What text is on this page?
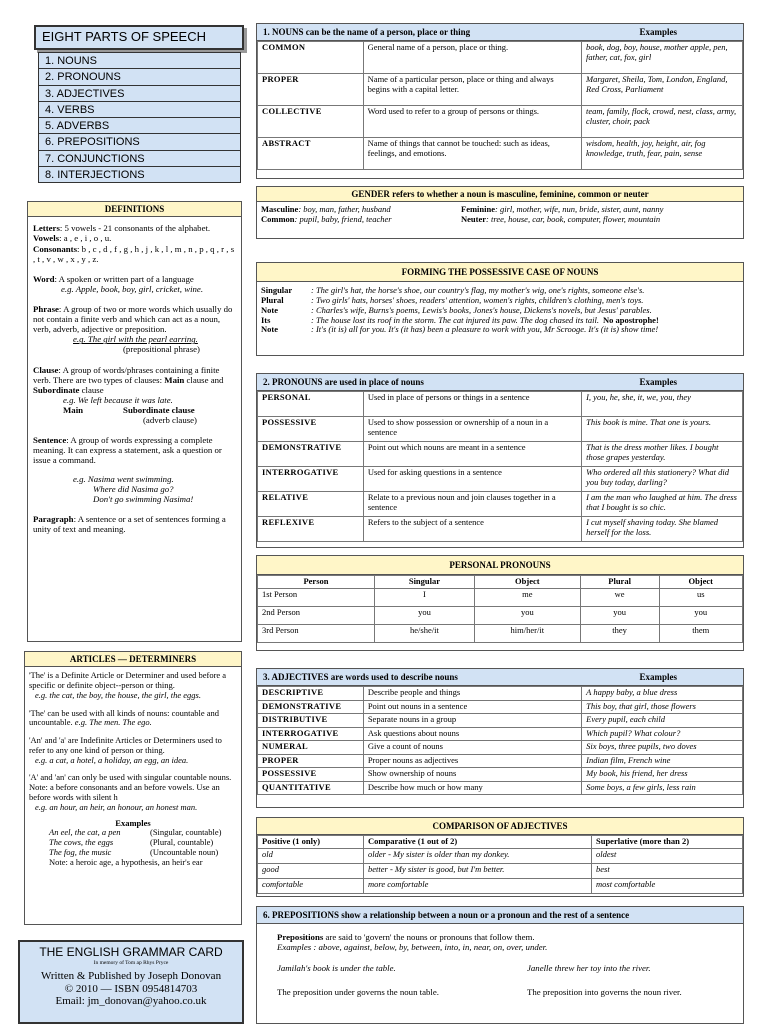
EIGHT PARTS OF SPEECH
1. NOUNS
2. PRONOUNS
3. ADJECTIVES
4. VERBS
5. ADVERBS
6. PREPOSITIONS
7. CONJUNCTIONS
8. INTERJECTIONS
DEFINITIONS
Letters: 5 vowels - 21 consonants of the alphabet.
Vowels: a , e , i , o , u.
Consonants: b , c , d , f , g , h , j , k , l , m , n , p , q , r , s , t , v , w , x , y , z.
Word: A spoken or written part of a language
e.g. Apple, book, boy, girl, cricket, wine.
Phrase: A group of two or more words which usually do not contain a finite verb and which can act as a noun, verb, adverb, adjective or preposition.
e.g. The girl with the pearl earring.
(prepositional phrase)
Clause: A group of words/phrases containing a finite verb. There are two types of clauses: Main clause and Subordinate clause
e.g. We left because it was late.
Main	Subordinate clause
(adverb clause)
Sentence: A group of words expressing a complete meaning. It can express a statement, ask a question or issue a command.
e.g. Nasima went swimming.
Where did Nasima go?
Don't go swimming Nasima!
Paragraph: A sentence or a set of sentences forming a unity of text and meaning.
ARTICLES — DETERMINERS
'The' is a Definite Article or Determiner and used before a specific or definite object--person or thing.
e.g. the cat, the boy, the house, the girl, the eggs.
'The' can be used with all kinds of nouns: countable and uncountable. e.g. The men. The ego.
'An' and 'a' are Indefinite Articles or Determiners used to refer to any one kind of person or thing.
e.g. a cat, a hotel, a holiday, an egg, an idea.
'A' and 'an' can only be used with singular countable nouns. Note: a before consonants and an before vowels. Use an before words with silent h
e.g. an hour, an heir, an honour, an honest man.
Examples
An eel, the cat, a pen	(Singular, countable)
The cows, the eggs	(Plural, countable)
The fog, the music	(Uncountable noun)
Note: a heroic age, a hypothesis, an heir's ear
THE ENGLISH GRAMMAR CARD
In memory of Tom ap Rhys Pryce
Written & Published by Joseph Donovan
© 2010 — ISBN 0954814703
Email: jm_donovan@yahoo.co.uk
1. NOUNS can be the name of a person, place or thing	Examples
COMMON	General name of a person, place or thing.	book, dog, boy, house, mother apple, pen, father, cat, fox, girl
PROPER	Name of a particular person, place or thing and always begins with a capital letter.	Margaret, Sheila, Tom, London, England, Red Cross, Parliament
COLLECTIVE	Word used to refer to a group of persons or things.	team, family, flock, crowd, nest, class, army, cluster, choir, pack
ABSTRACT	Name of things that cannot be touched: such as ideas, feelings, and emotions.	wisdom, health, joy, height, air, fog knowledge, truth, fear, pain, sense
GENDER refers to whether a noun is masculine, feminine, common or neuter
Masculine: boy, man, father, husband	Feminine: girl, mother, wife, nun, bride, sister, aunt, nanny
Common: pupil, baby, friend, teacher	Neuter: tree, house, car, book, computer, flower, mountain
FORMING THE POSSESSIVE CASE OF NOUNS
Singular	: The girl's hat, the horse's shoe, our country's flag, my mother's wig, one's rights, someone else's.
Plural	: Two girls' hats, horses' shoes, readers' attention, women's rights, children's clothing, men's toys.
Note	: Charles's wife, Burns's poems, Lewis's books, Jones's house, Dickens's novels, but Jesus' parables.
Its	: The house lost its roof in the storm. The cat injured its paw. The dog chased its tail. No apostrophe!
Note	: It's (it is) all for you. It's (it has) been a pleasure to work with you, Mr Scrooge. It's (it is) show time!
2. PRONOUNS are used in place of nouns	Examples
PERSONAL	Used in place of persons or things in a sentence	I, you, he, she, it, we, you, they
POSSESSIVE	Used to show possession or ownership of a noun in a sentence	This book is mine. That one is yours.
DEMONSTRATIVE	Point out which nouns are meant in a sentence	That is the dress mother likes. I bought those grapes yesterday.
INTERROGATIVE	Used for asking questions in a sentence	Who ordered all this stationery? What did you buy today, darling?
RELATIVE	Relate to a previous noun and join clauses together in a sentence	I am the man who laughed at him. The dress that I bought is so chic.
REFLEXIVE	Refers to the subject of a sentence	I cut myself shaving today. She blamed herself for the loss.
PERSONAL PRONOUNS
Person	Singular	Object	Plural	Object
1st Person	I	me	we	us
2nd Person	you	you	you	you
3rd Person	he/she/it	him/her/it	they	them
3. ADJECTIVES are words used to describe nouns	Examples
DESCRIPTIVE	Describe people and things	A happy baby, a blue dress
DEMONSTRATIVE	Point out nouns in a sentence	This boy, that girl, those flowers
DISTRIBUTIVE	Separate nouns in a group	Every pupil, each child
INTERROGATIVE	Ask questions about nouns	Which pupil? What colour?
NUMERAL	Give a count of nouns	Six boys, three pupils, two doves
PROPER	Proper nouns as adjectives	Indian film, French wine
POSSESSIVE	Show ownership of nouns	My book, his friend, her dress
QUANTITATIVE	Describe how much or how many	Some boys, a few girls, less rain
COMPARISON OF ADJECTIVES
Positive (1 only)	Comparative (1 out of 2)	Superlative (more than 2)
old	older - My sister is older than my donkey.	oldest
good	better - My sister is good, but I'm better.	best
comfortable	more comfortable	most comfortable
6. PREPOSITIONS show a relationship between a noun or a pronoun and the rest of a sentence
Prepositions are said to 'govern' the nouns or pronouns that follow them.
Examples : above, against, below, by, between, into, in, near, on, over, under.
Jamilah's book is under the table.	Janelle threw her toy into the river.
The preposition under governs the noun table.	The preposition into governs the noun river.
